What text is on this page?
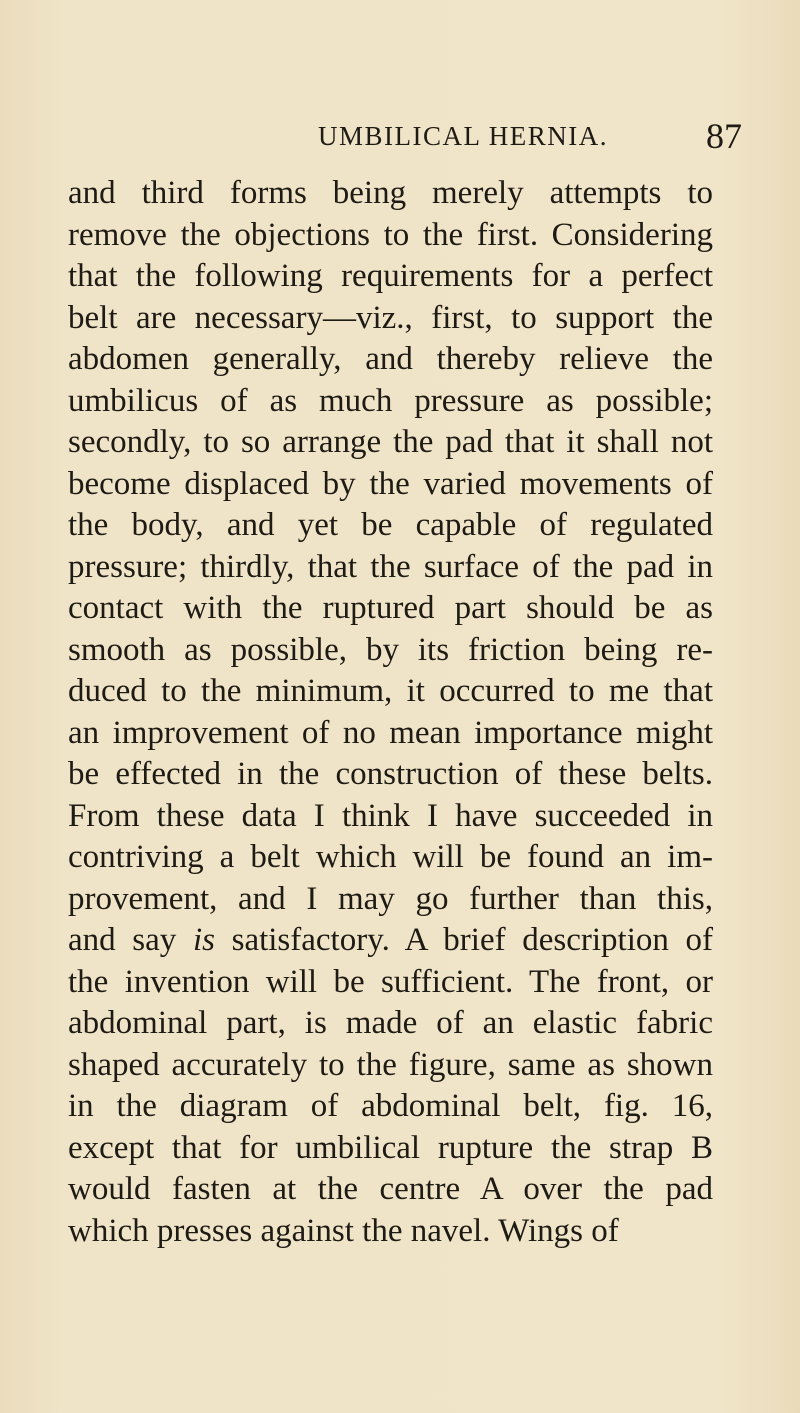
UMBILICAL HERNIA.	87
and third forms being merely attempts to
remove the objections to the first. Considering
that the following requirements for a perfect
belt are necessary—viz., first, to support the
abdomen generally, and thereby relieve the
umbilicus of as much pressure as possible;
secondly, to so arrange the pad that it shall not
become displaced by the varied movements of
the body, and yet be capable of regulated
pressure; thirdly, that the surface of the pad in
contact with the ruptured part should be as
smooth as possible, by its friction being re-
duced to the minimum, it occurred to me that
an improvement of no mean importance might
be effected in the construction of these belts.
From these data I think I have succeeded in
contriving a belt which will be found an im-
provement, and I may go further than this,
and say is satisfactory. A brief description of
the invention will be sufficient. The front, or
abdominal part, is made of an elastic fabric
shaped accurately to the figure, same as shown
in the diagram of abdominal belt, fig. 16,
except that for umbilical rupture the strap B
would fasten at the centre A over the pad
which presses against the navel. Wings of
